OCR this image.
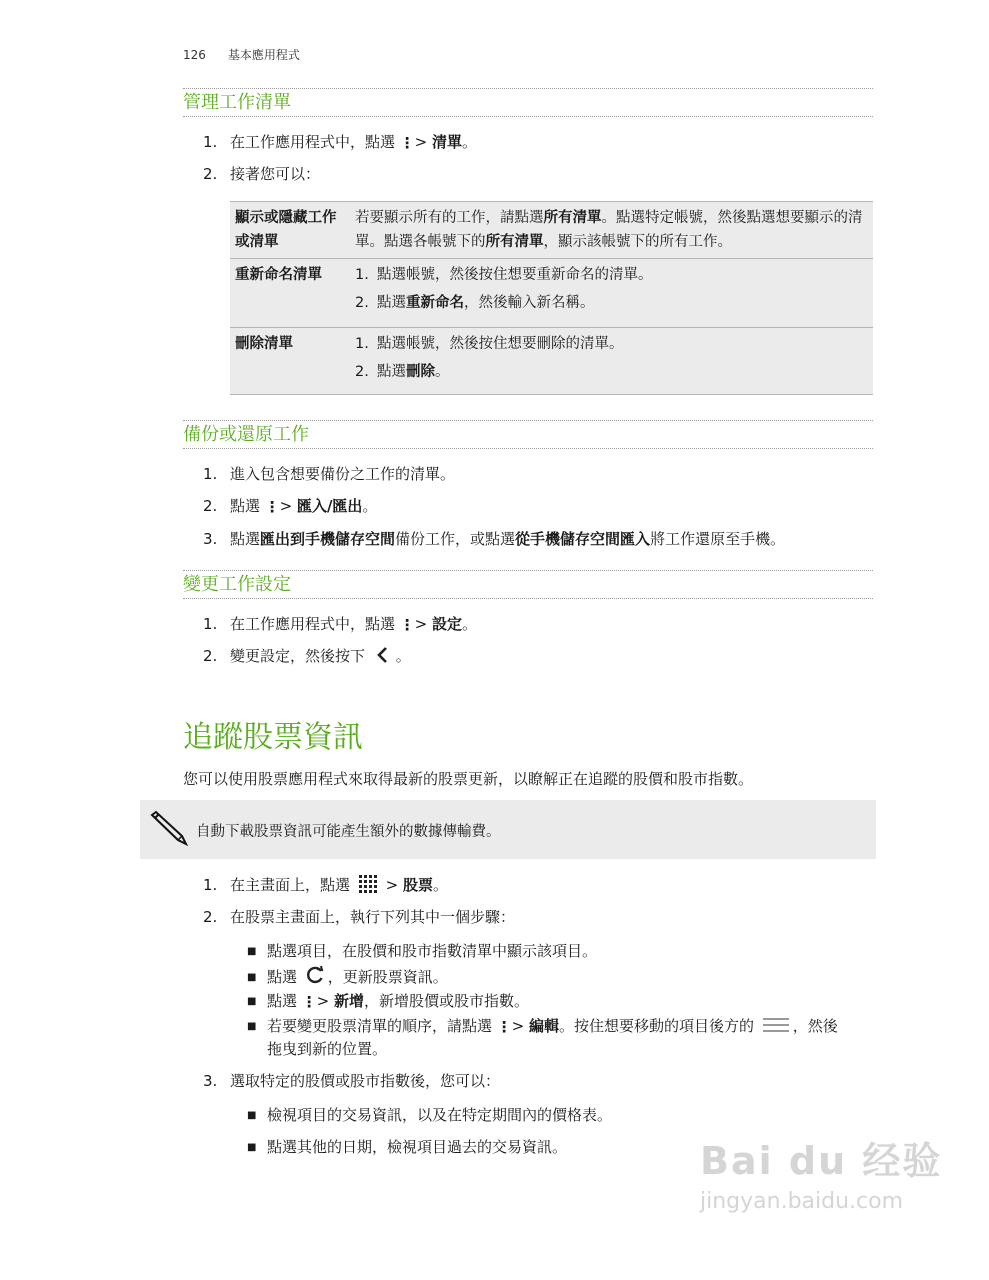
126 基本應用程式
管理工作清單
1. 在工作應用程式中，點選 ⋮ > 清單。
2. 接著您可以：
顯示或隱藏工作或清單	若要顯示所有的工作，請點選所有清單。點選特定帳號，然後點選想要顯示的清單。點選各帳號下的所有清單，顯示該帳號下的所有工作。
重新命名清單	1. 點選帳號，然後按住想要重新命名的清單。
2. 點選重新命名，然後輸入新名稱。

刪除清單	1. 點選帳號，然後按住想要刪除的清單。
2. 點選刪除。
備份或還原工作
1. 進入包含想要備份之工作的清單。
2. 點選 ⋮ > 匯入/匯出。
3. 點選匯出到手機儲存空間備份工作，或點選從手機儲存空間匯入將工作還原至手機。
變更工作設定
1. 在工作應用程式中，點選 ⋮ > 設定。
2. 變更設定，然後按下 。
追蹤股票資訊
您可以使用股票應用程式來取得最新的股票更新，以瞭解正在追蹤的股價和股市指數。
自動下載股票資訊可能產生額外的數據傳輸費。
1. 在主畫面上，點選 > 股票。
2. 在股票主畫面上，執行下列其中一個步驟：
■ 點選項目，在股價和股市指數清單中顯示該項目。
■ 點選 ，更新股票資訊。
■ 點選 ⋮ > 新增，新增股價或股市指數。
■ 若要變更股票清單的順序，請點選 ⋮ > 編輯。按住想要移動的項目後方的	，然後
拖曳到新的位置。
3. 選取特定的股價或股市指數後，您可以：
■ 檢視項目的交易資訊，以及在特定期間內的價格表。
■ 點選其他的日期，檢視項目過去的交易資訊。	Bai du 经验
jingyan.baidu.com
